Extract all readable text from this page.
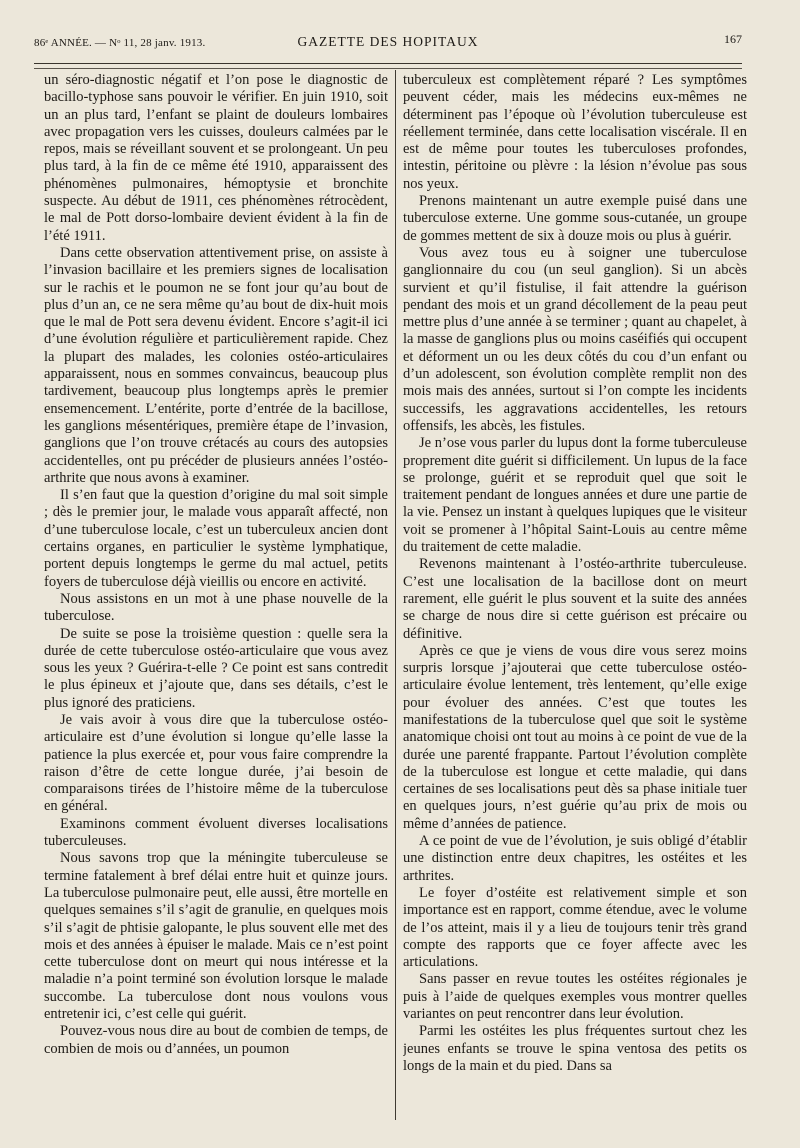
86ᵉ ANNÉE. — Nᵒ 11, 28 janv. 1913.	GAZETTE DES HOPITAUX	167

un séro-diagnostic négatif et l’on pose le diagnostic de bacillo-typhose sans pouvoir le vérifier. En juin 1910, soit un an plus tard, l’enfant se plaint de douleurs lombaires avec propagation vers les cuisses, douleurs calmées par le repos, mais se réveillant souvent et se prolongeant. Un peu plus tard, à la fin de ce même été 1910, apparaissent des phénomènes pulmonaires, hémoptysie et bronchite suspecte. Au début de 1911, ces phénomènes rétrocèdent, le mal de Pott dorso-lombaire devient évident à la fin de l’été 1911.

Dans cette observation attentivement prise, on assiste à l’invasion bacillaire et les premiers signes de localisation sur le rachis et le poumon ne se font jour qu’au bout de plus d’un an, ce ne sera même qu’au bout de dix-huit mois que le mal de Pott sera devenu évident. Encore s’agit-il ici d’une évolution régulière et particulièrement rapide. Chez la plupart des malades, les colonies ostéo-articulaires apparaissent, nous en sommes convaincus, beaucoup plus tardivement, beaucoup plus longtemps après le premier ensemencement. L’entérite, porte d’entrée de la bacillose, les ganglions mésentériques, première étape de l’invasion, ganglions que l’on trouve crétacés au cours des autopsies accidentelles, ont pu précéder de plusieurs années l’ostéo-arthrite que nous avons à examiner.

Il s’en faut que la question d’origine du mal soit simple ; dès le premier jour, le malade vous apparaît affecté, non d’une tuberculose locale, c’est un tuberculeux ancien dont certains organes, en particulier le système lymphatique, portent depuis longtemps le germe du mal actuel, petits foyers de tuberculose déjà vieillis ou encore en activité.

Nous assistons en un mot à une phase nouvelle de la tuberculose.

De suite se pose la troisième question : quelle sera la durée de cette tuberculose ostéo-articulaire que vous avez sous les yeux ? Guérira-t-elle ? Ce point est sans contredit le plus épineux et j’ajoute que, dans ses détails, c’est le plus ignoré des praticiens.

Je vais avoir à vous dire que la tuberculose ostéo-articulaire est d’une évolution si longue qu’elle lasse la patience la plus exercée et, pour vous faire comprendre la raison d’être de cette longue durée, j’ai besoin de comparaisons tirées de l’histoire même de la tuberculose en général.

Examinons comment évoluent diverses localisations tuberculeuses.

Nous savons trop que la méningite tuberculeuse se termine fatalement à bref délai entre huit et quinze jours. La tuberculose pulmonaire peut, elle aussi, être mortelle en quelques semaines s’il s’agit de granulie, en quelques mois s’il s’agit de phtisie galopante, le plus souvent elle met des mois et des années à épuiser le malade. Mais ce n’est point cette tuberculose dont on meurt qui nous intéresse et la maladie n’a point terminé son évolution lorsque le malade succombe. La tuberculose dont nous voulons vous entretenir ici, c’est celle qui guérit.

Pouvez-vous nous dire au bout de combien de temps, de combien de mois ou d’années, un poumon

tuberculeux est complètement réparé ? Les symptômes peuvent céder, mais les médecins eux-mêmes ne déterminent pas l’époque où l’évolution tuberculeuse est réellement terminée, dans cette localisation viscérale. Il en est de même pour toutes les tuberculoses profondes, intestin, péritoine ou plèvre : la lésion n’évolue pas sous nos yeux.

Prenons maintenant un autre exemple puisé dans une tuberculose externe. Une gomme sous-cutanée, un groupe de gommes mettent de six à douze mois ou plus à guérir.

Vous avez tous eu à soigner une tuberculose ganglionnaire du cou (un seul ganglion). Si un abcès survient et qu’il fistulise, il fait attendre la guérison pendant des mois et un grand décollement de la peau peut mettre plus d’une année à se terminer ; quant au chapelet, à la masse de ganglions plus ou moins caséifiés qui occupent et déforment un ou les deux côtés du cou d’un enfant ou d’un adolescent, son évolution complète remplit non des mois mais des années, surtout si l’on compte les incidents successifs, les aggravations accidentelles, les retours offensifs, les abcès, les fistules.

Je n’ose vous parler du lupus dont la forme tuberculeuse proprement dite guérit si difficilement. Un lupus de la face se prolonge, guérit et se reproduit quel que soit le traitement pendant de longues années et dure une partie de la vie. Pensez un instant à quelques lupiques que le visiteur voit se promener à l’hôpital Saint-Louis au centre même du traitement de cette maladie.

Revenons maintenant à l’ostéo-arthrite tuberculeuse. C’est une localisation de la bacillose dont on meurt rarement, elle guérit le plus souvent et la suite des années se charge de nous dire si cette guérison est précaire ou définitive.

Après ce que je viens de vous dire vous serez moins surpris lorsque j’ajouterai que cette tuberculose ostéo-articulaire évolue lentement, très lentement, qu’elle exige pour évoluer des années. C’est que toutes les manifestations de la tuberculose quel que soit le système anatomique choisi ont tout au moins à ce point de vue de la durée une parenté frappante. Partout l’évolution complète de la tuberculose est longue et cette maladie, qui dans certaines de ses localisations peut dès sa phase initiale tuer en quelques jours, n’est guérie qu’au prix de mois ou même d’années de patience.

A ce point de vue de l’évolution, je suis obligé d’établir une distinction entre deux chapitres, les ostéites et les arthrites.

Le foyer d’ostéite est relativement simple et son importance est en rapport, comme étendue, avec le volume de l’os atteint, mais il y a lieu de toujours tenir très grand compte des rapports que ce foyer affecte avec les articulations.

Sans passer en revue toutes les ostéites régionales je puis à l’aide de quelques exemples vous montrer quelles variantes on peut rencontrer dans leur évolution.

Parmi les ostéites les plus fréquentes surtout chez les jeunes enfants se trouve le spina ventosa des petits os longs de la main et du pied. Dans sa
